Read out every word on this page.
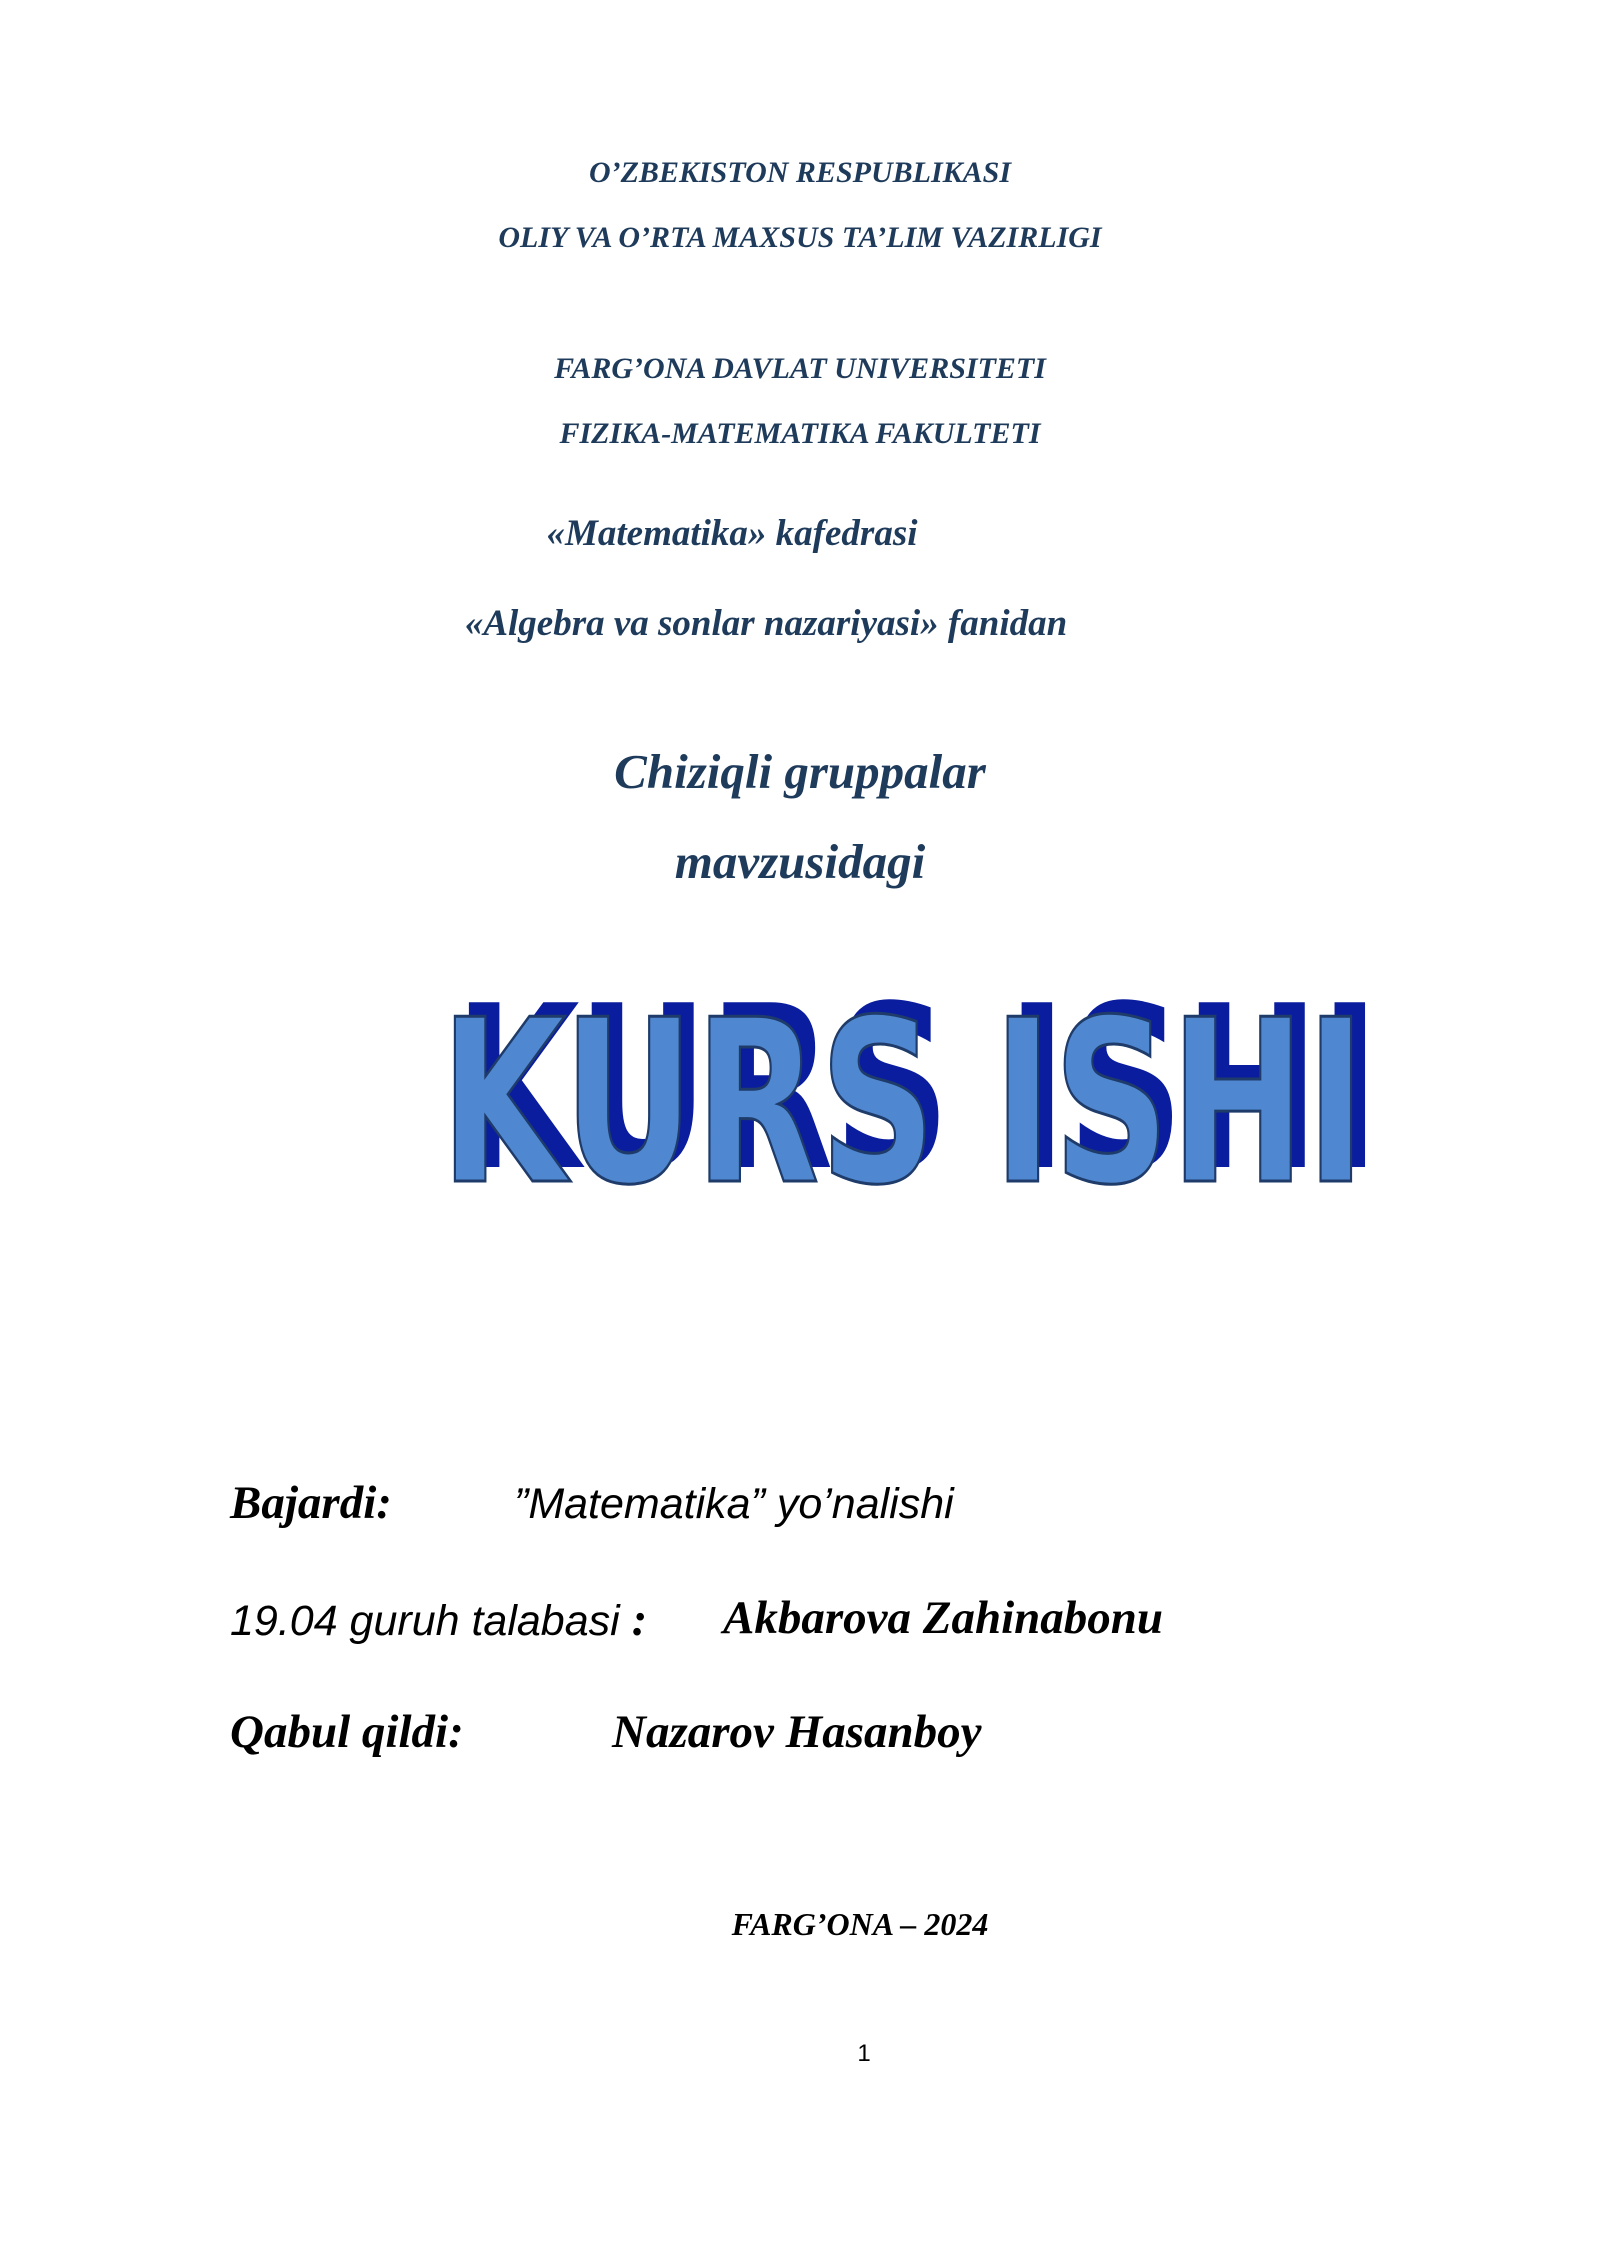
O’ZBEKISTON RESPUBLIKASI
OLIY VA O’RTA MAXSUS TA’LIM VAZIRLIGI
FARG’ONA DAVLAT UNIVERSITETI
FIZIKA-MATEMATIKA FAKULTETI
«Matematika» kafedrasi
«Algebra va sonlar nazariyasi» fanidan
Chiziqli gruppalar
mavzusidagi
KURS ISHI
KURS ISHI
Bajardi:	”Matematika” yo’nalishi
19.04 guruh talabasi : Akbarova Zahinabonu
Qabul qildi:	Nazarov Hasanboy
FARG’ONA – 2024
1
